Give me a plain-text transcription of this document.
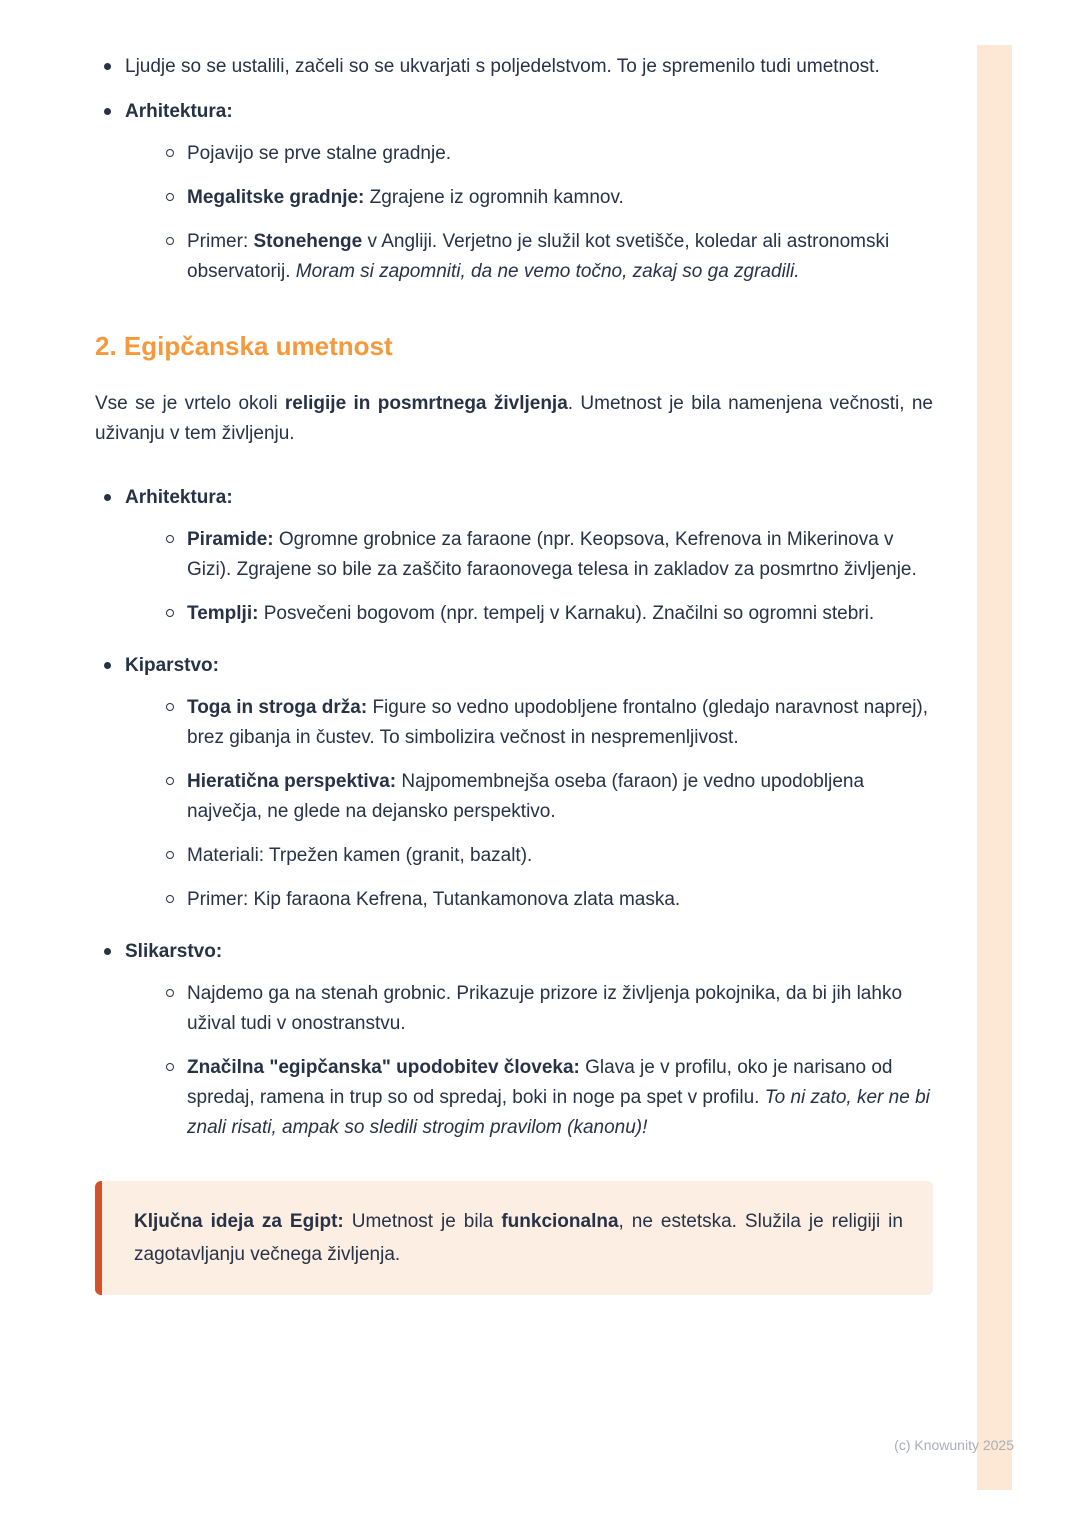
Ljudje so se ustalili, začeli so se ukvarjati s poljedelstvom. To je spremenilo tudi umetnost.
Arhitektura:
Pojavijo se prve stalne gradnje.
Megalitske gradnje: Zgrajene iz ogromnih kamnov.
Primer: Stonehenge v Angliji. Verjetno je služil kot svetišče, koledar ali astronomski observatorij. Moram si zapomniti, da ne vemo točno, zakaj so ga zgradili.
2. Egipčanska umetnost

Vse se je vrtelo okoli religije in posmrtnega življenja. Umetnost je bila namenjena večnosti, ne uživanju v tem življenju.

Arhitektura:
Piramide: Ogromne grobnice za faraone (npr. Keopsova, Kefrenova in Mikerinova v Gizi). Zgrajene so bile za zaščito faraonovega telesa in zakladov za posmrtno življenje.
Templji: Posvečeni bogovom (npr. tempelj v Karnaku). Značilni so ogromni stebri.
Kiparstvo:
Toga in stroga drža: Figure so vedno upodobljene frontalno (gledajo naravnost naprej), brez gibanja in čustev. To simbolizira večnost in nespremenljivost.
Hieratična perspektiva: Najpomembnejša oseba (faraon) je vedno upodobljena največja, ne glede na dejansko perspektivo.
Materiali: Trpežen kamen (granit, bazalt).
Primer: Kip faraona Kefrena, Tutankamonova zlata maska.
Slikarstvo:
Najdemo ga na stenah grobnic. Prikazuje prizore iz življenja pokojnika, da bi jih lahko užival tudi v onostranstvu.
Značilna "egipčanska" upodobitev človeka: Glava je v profilu, oko je narisano od spredaj, ramena in trup so od spredaj, boki in noge pa spet v profilu. To ni zato, ker ne bi znali risati, ampak so sledili strogim pravilom (kanonu)!

Ključna ideja za Egipt: Umetnost je bila funkcionalna, ne estetska. Služila je religiji in zagotavljanju večnega življenja.

(c) Knowunity 2025
